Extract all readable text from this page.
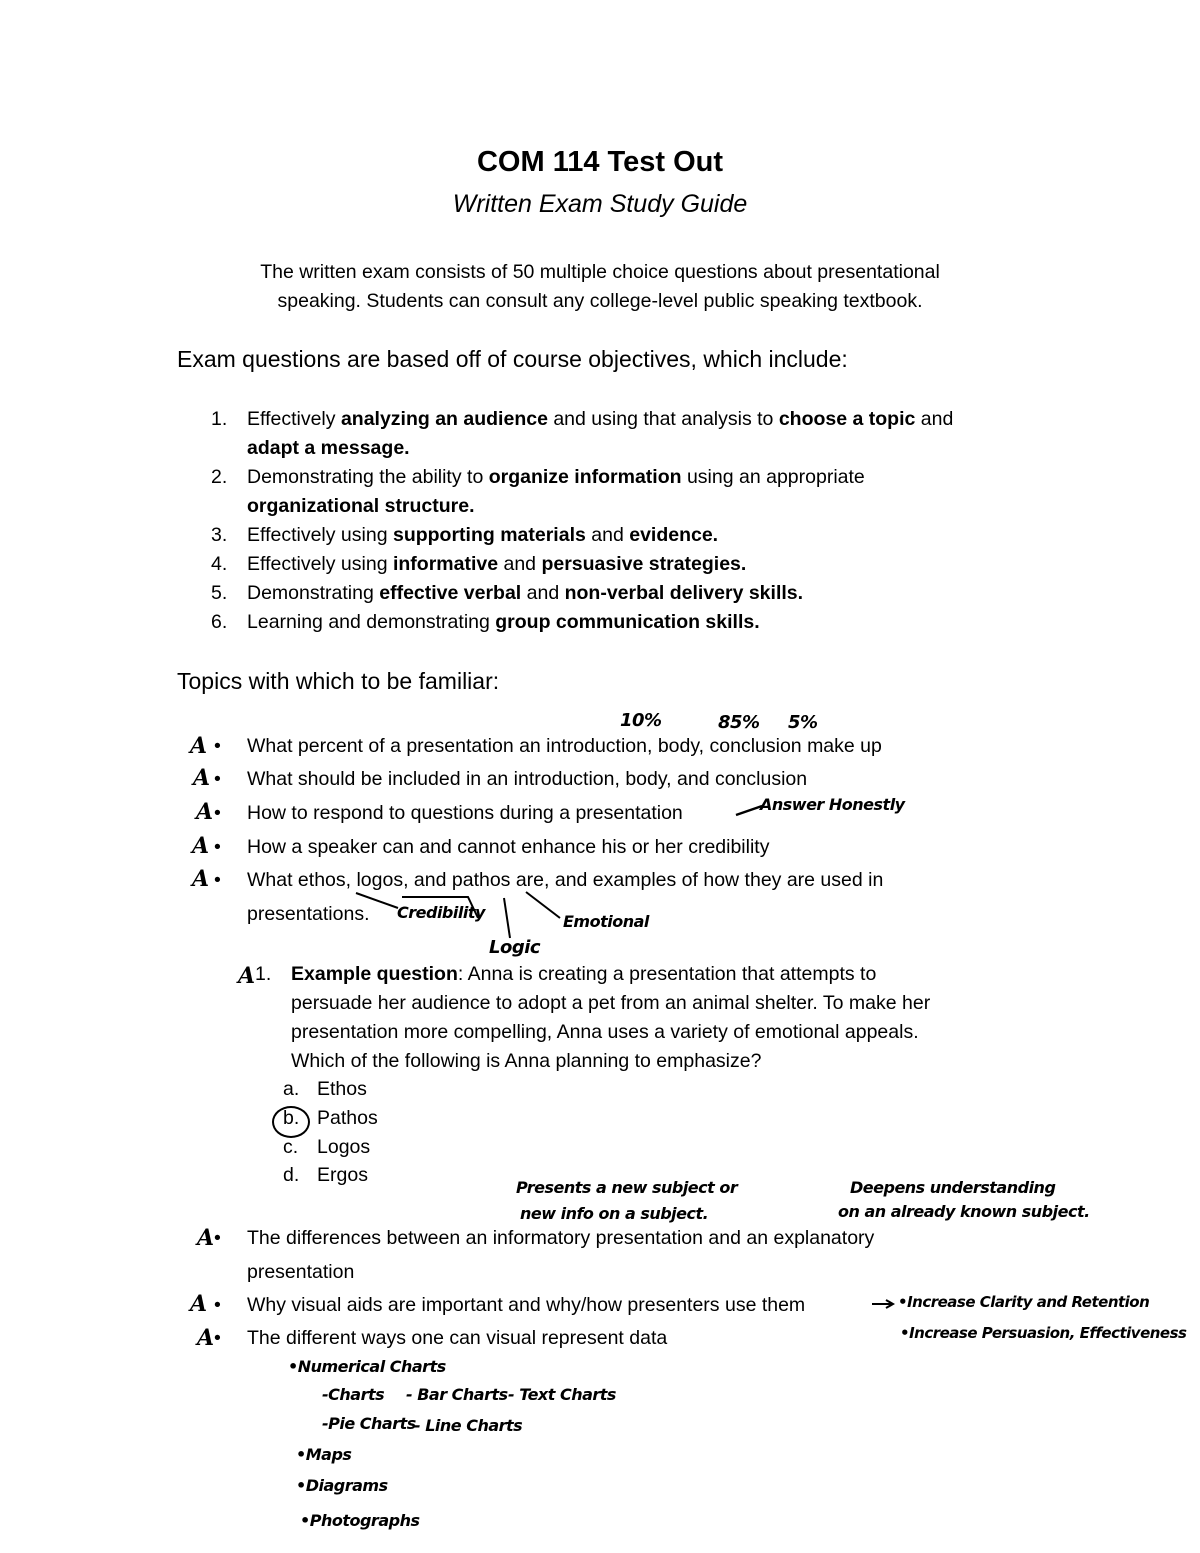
COM 114 Test Out
Written Exam Study Guide
The written exam consists of 50 multiple choice questions about presentational
speaking. Students can consult any college-level public speaking textbook.
Exam questions are based off of course objectives, which include:
1. Effectively analyzing an audience and using that analysis to choose a topic and
adapt a message.
2. Demonstrating the ability to organize information using an appropriate
organizational structure.
3. Effectively using supporting materials and evidence.
4. Effectively using informative and persuasive strategies.
5. Demonstrating effective verbal and non-verbal delivery skills.
6. Learning and demonstrating group communication skills.
Topics with which to be familiar:
10%	85% 5%
A • What percent of a presentation an introduction, body, conclusion make up
A • What should be included in an introduction, body, and conclusion
A • How to respond to questions during a presentation	Answer Honestly
A • How a speaker can and cannot enhance his or her credibility
A • What ethos, logos, and pathos are, and examples of how they are used in
presentations.	Credibility
Logic
Emotional
A 1. Example question: Anna is creating a presentation that attempts to
persuade her audience to adopt a pet from an animal shelter. To make her
presentation more compelling, Anna uses a variety of emotional appeals.
Which of the following is Anna planning to emphasize?
a. Ethos
b. Pathos
c. Logos
d. Ergos
Presents a new subject or
new info on a subject.
Deepens understanding
on an already known subject.
A • The differences between an informatory presentation and an explanatory
presentation
A • Why visual aids are important and why/how presenters use them	•Increase Clarity and Retention
•Increase Persuasion, Effectiveness
A • The different ways one can visual represent data
•Numerical Charts
-Charts - Bar Charts - Text Charts
-Pie Charts
- Line Charts
•Maps
•Diagrams
•Photographs
